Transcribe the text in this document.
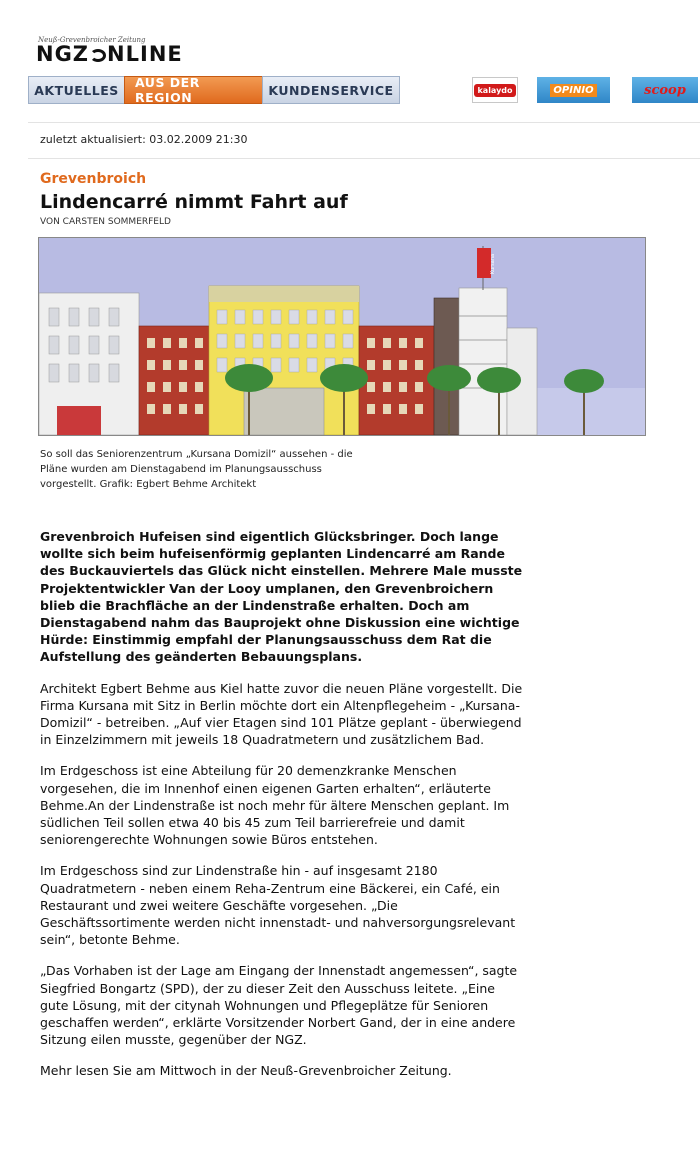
Neuß-Grevenbroicher Zeitung
NGZ NLINE
AKTUELLES	AUS DER REGION	KUNDENSERVICE	kalaydo	OPINIO	scoop
zuletzt aktualisiert: 03.02.2009 21:30
Grevenbroich
Lindencarré nimmt Fahrt auf
VON CARSTEN SOMMERFELD
Kursana
So soll das Seniorenzentrum „Kursana Domizil“ aussehen - die Pläne wurden am Dienstagabend im Planungsausschuss vorgestellt. Grafik: Egbert Behme Architekt

Grevenbroich Hufeisen sind eigentlich Glücksbringer. Doch lange wollte sich beim hufeisenförmig geplanten Lindencarré am Rande des Buckauviertels das Glück nicht einstellen. Mehrere Male musste Projektentwickler Van der Looy umplanen, den Grevenbroichern blieb die Brachfläche an der Lindenstraße erhalten. Doch am Dienstagabend nahm das Bauprojekt ohne Diskussion eine wichtige Hürde: Einstimmig empfahl der Planungsausschuss dem Rat die Aufstellung des geänderten Bebauungsplans.

Architekt Egbert Behme aus Kiel hatte zuvor die neuen Pläne vorgestellt. Die Firma Kursana mit Sitz in Berlin möchte dort ein Altenpflegeheim - „Kursana-Domizil“ - betreiben. „Auf vier Etagen sind 101 Plätze geplant - überwiegend in Einzelzimmern mit jeweils 18 Quadratmetern und zusätzlichem Bad.

Im Erdgeschoss ist eine Abteilung für 20 demenzkranke Menschen vorgesehen, die im Innenhof einen eigenen Garten erhalten“, erläuterte Behme.An der Lindenstraße ist noch mehr für ältere Menschen geplant. Im südlichen Teil sollen etwa 40 bis 45 zum Teil barrierefreie und damit seniorengerechte Wohnungen sowie Büros entstehen.

Im Erdgeschoss sind zur Lindenstraße hin - auf insgesamt 2180 Quadratmetern - neben einem Reha-Zentrum eine Bäckerei, ein Café, ein Restaurant und zwei weitere Geschäfte vorgesehen. „Die Geschäftssortimente werden nicht innenstadt- und nahversorgungsrelevant sein“, betonte Behme.

„Das Vorhaben ist der Lage am Eingang der Innenstadt angemessen“, sagte Siegfried Bongartz (SPD), der zu dieser Zeit den Ausschuss leitete. „Eine gute Lösung, mit der citynah Wohnungen und Pflegeplätze für Senioren geschaffen werden“, erklärte Vorsitzender Norbert Gand, der in eine andere Sitzung eilen musste, gegenüber der NGZ.

Mehr lesen Sie am Mittwoch in der Neuß-Grevenbroicher Zeitung.
